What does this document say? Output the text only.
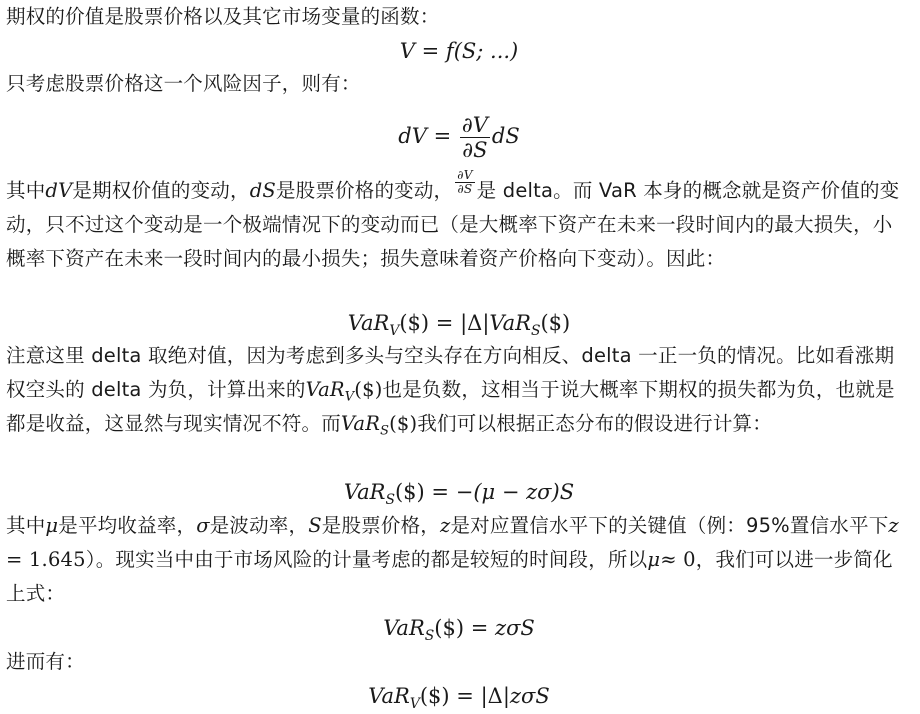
期权的价值是股票价格以及其它市场变量的函数：
V = f(S; ...)
只考虑股票价格这一个风险因子，则有：
dV = $\frac{\partial V}{\partial S}$ dS
其中dV是期权价值的变动，dS是股票价格的变动， $\frac{\partial V}{\partial S}$ 是 delta。而 VaR 本身的概念就是资产价值的变动，只不过这个变动是一个极端情况下的变动而已（是大概率下资产在未来一段时间内的最大损失，小概率下资产在未来一段时间内的最小损失；损失意味着资产价格向下变动）。因此：
VaR$_V$($) = |Δ|VaR$_S$($)
注意这里 delta 取绝对值，因为考虑到多头与空头存在方向相反、delta 一正一负的情况。比如看涨期权空头的 delta 为负，计算出来的VaR$_V$($)也是负数，这相当于说大概率下期权的损失都为负，也就是都是收益，这显然与现实情况不符。而VaR$_S$($)我们可以根据正态分布的假设进行计算：
VaR$_S$($) = −(μ − zσ)S
其中μ是平均收益率，σ是波动率，S是股票价格，z是对应置信水平下的关键值（例：95%置信水平下z= 1.645）。现实当中由于市场风险的计量考虑的都是较短的时间段，所以μ≈ 0，我们可以进一步简化上式：
VaR$_S$($) = zσS
进而有：
VaR$_V$($) = |Δ|zσS
